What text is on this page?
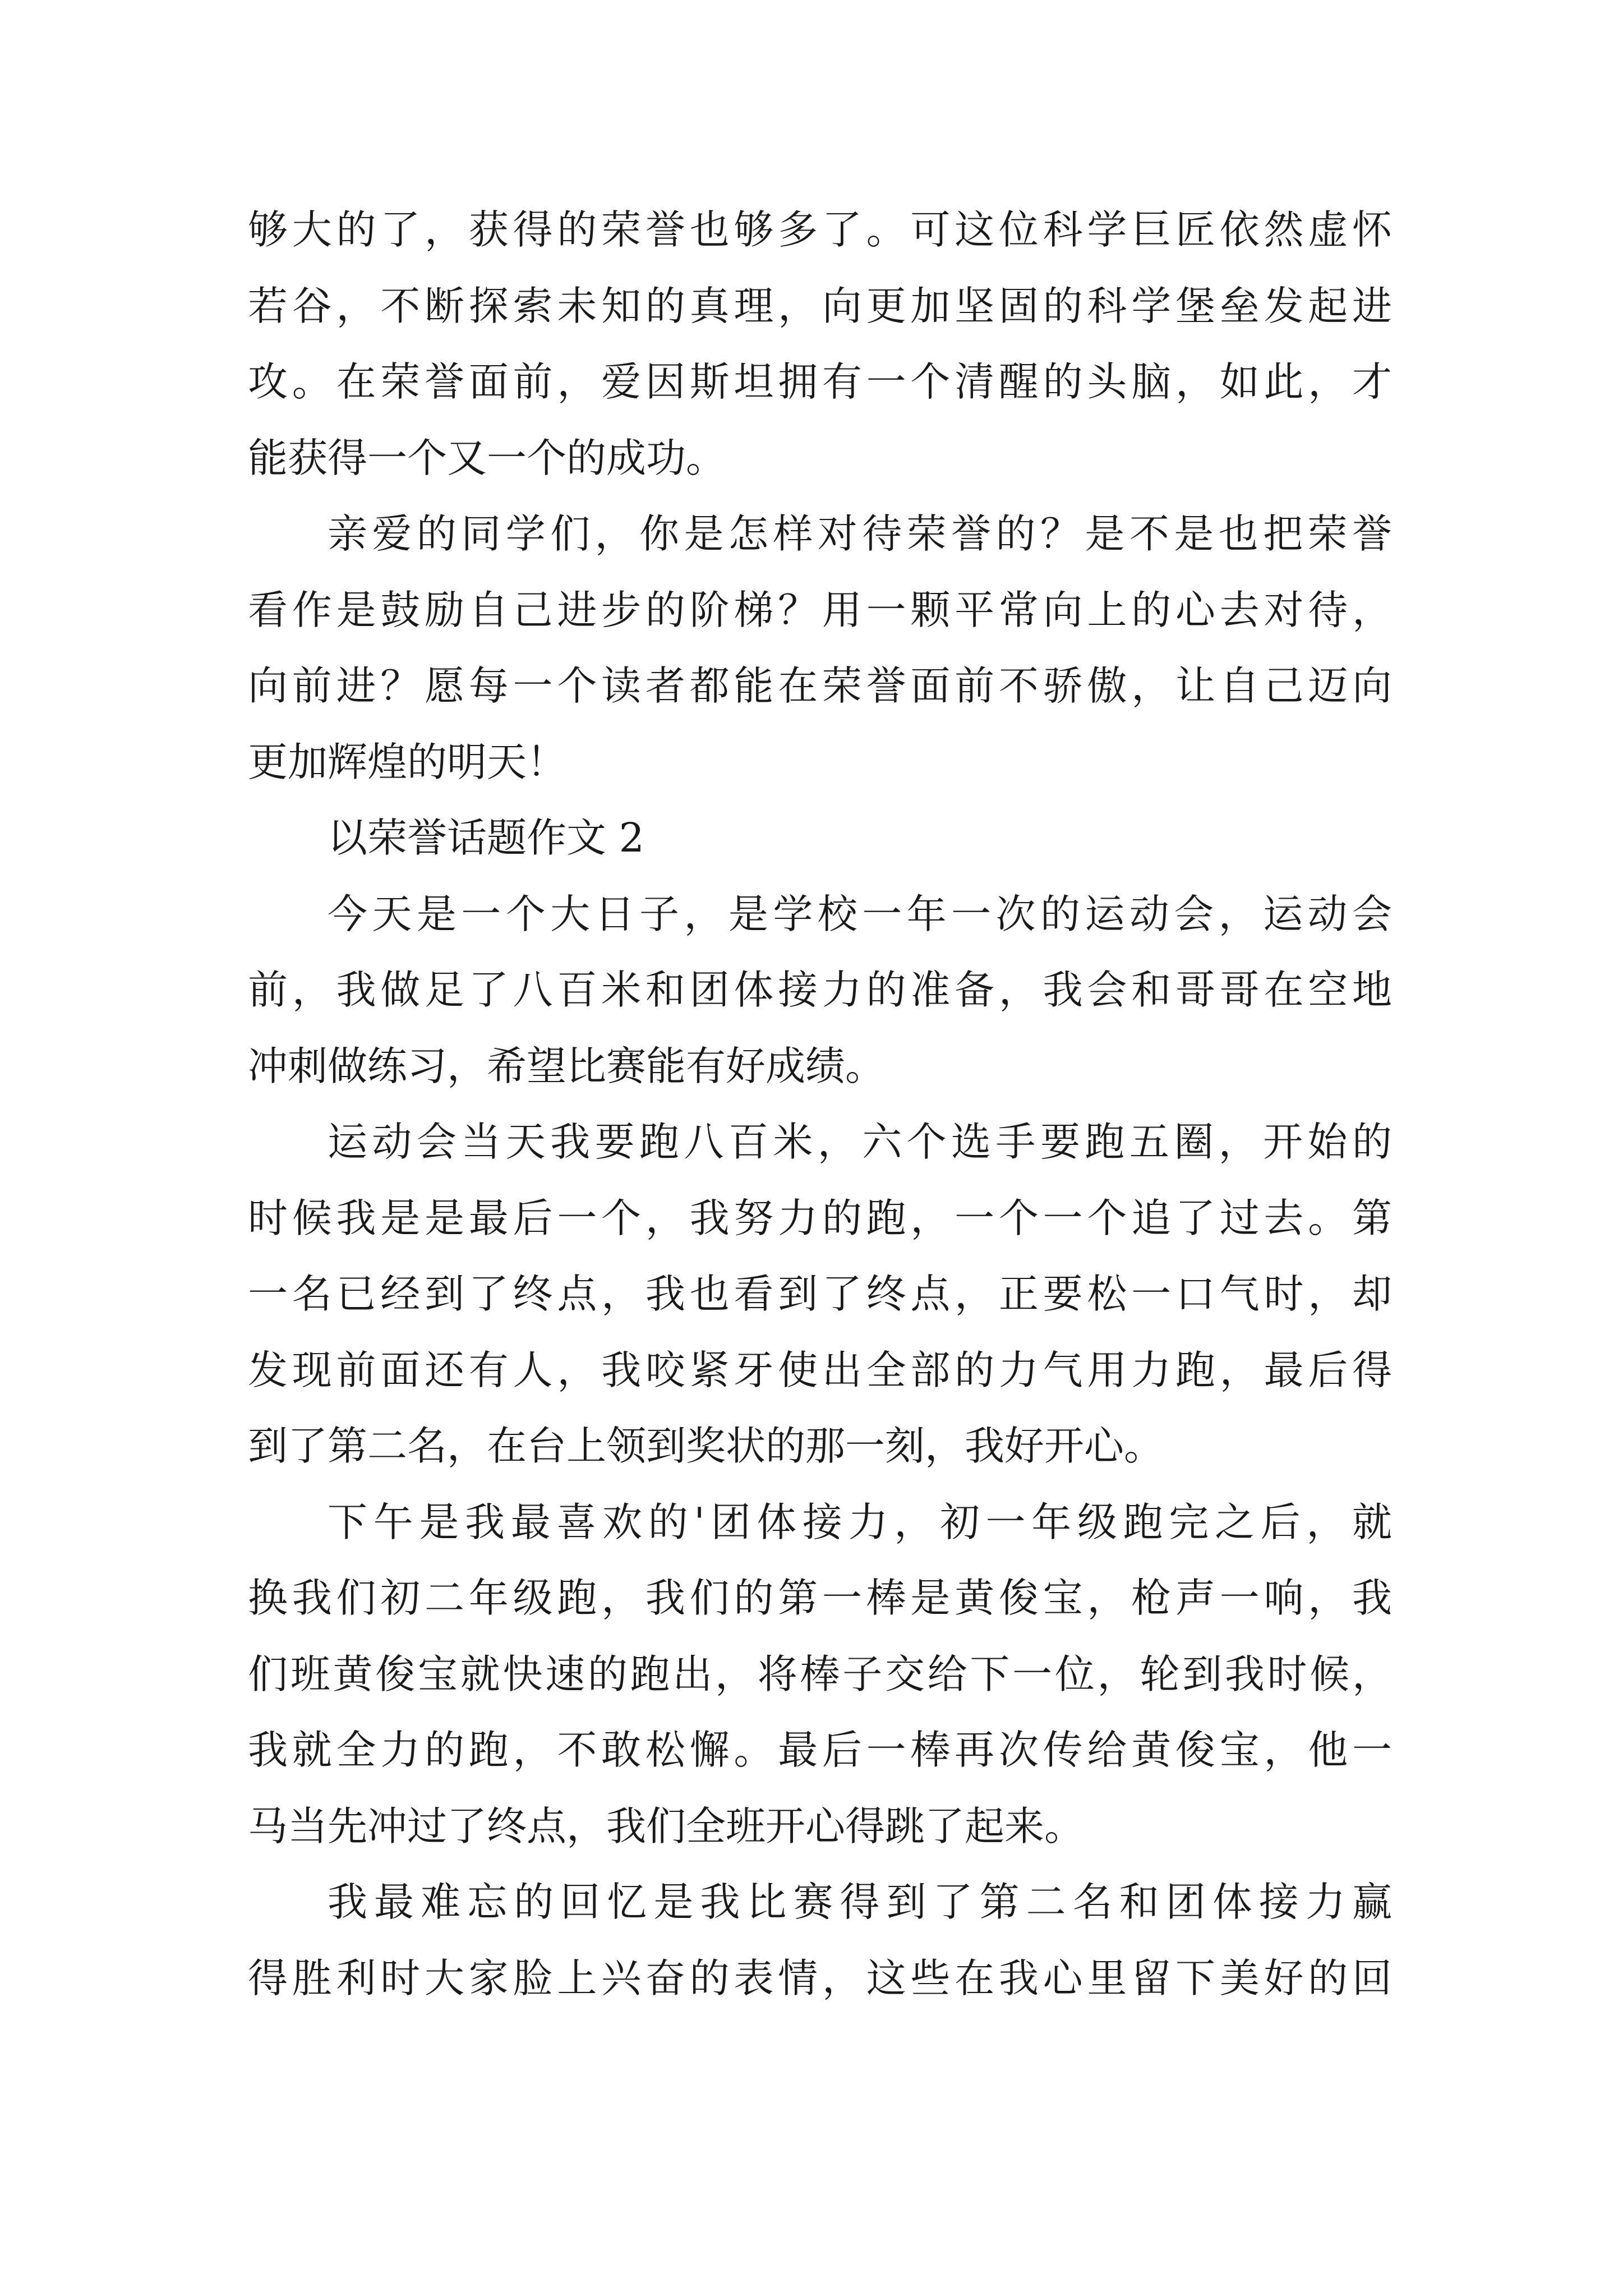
够大的了，获得的荣誉也够多了。可这位科学巨匠依然虚怀
若谷，不断探索未知的真理，向更加坚固的科学堡垒发起进
攻。在荣誉面前，爱因斯坦拥有一个清醒的头脑，如此，才
能获得一个又一个的成功。
亲爱的同学们，你是怎样对待荣誉的？是不是也把荣誉
看作是鼓励自己进步的阶梯？用一颗平常向上的心去对待，
向前进？愿每一个读者都能在荣誉面前不骄傲，让自己迈向
更加辉煌的明天！
以荣誉话题作文 2
今天是一个大日子，是学校一年一次的运动会，运动会
前，我做足了八百米和团体接力的准备，我会和哥哥在空地
冲刺做练习，希望比赛能有好成绩。
运动会当天我要跑八百米，六个选手要跑五圈，开始的
时候我是是最后一个，我努力的跑，一个一个追了过去。第
一名已经到了终点，我也看到了终点，正要松一口气时，却
发现前面还有人，我咬紧牙使出全部的力气用力跑，最后得
到了第二名，在台上领到奖状的那一刻，我好开心。
下午是我最喜欢的'团体接力，初一年级跑完之后，就
换我们初二年级跑，我们的第一棒是黄俊宝，枪声一响，我
们班黄俊宝就快速的跑出，将棒子交给下一位，轮到我时候，
我就全力的跑，不敢松懈。最后一棒再次传给黄俊宝，他一
马当先冲过了终点，我们全班开心得跳了起来。
我最难忘的回忆是我比赛得到了第二名和团体接力赢
得胜利时大家脸上兴奋的表情，这些在我心里留下美好的回
